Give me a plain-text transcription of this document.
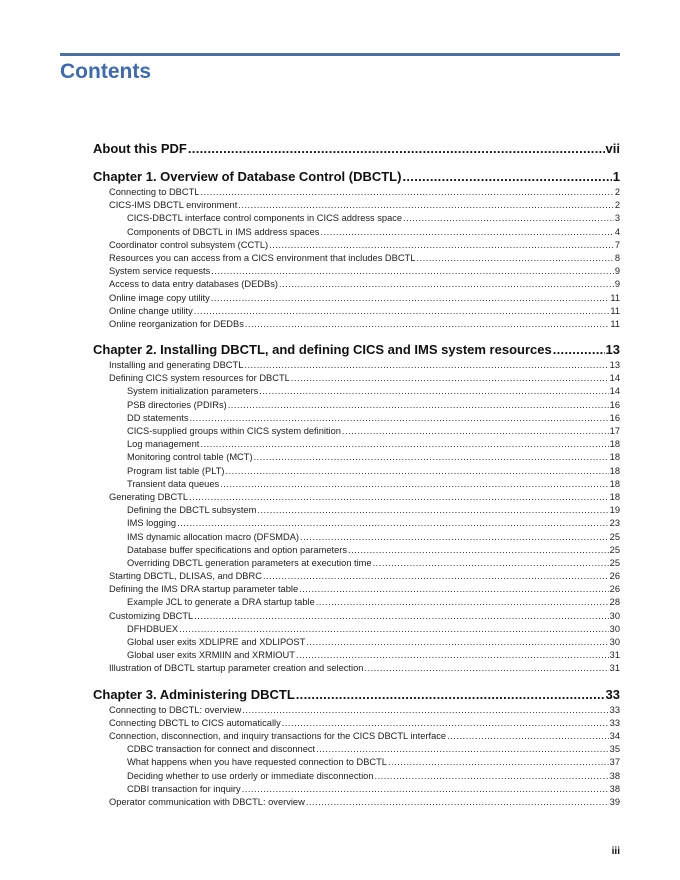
Contents
About this PDF .....	vii
Chapter 1. Overview of Database Control (DBCTL) .....	1
Connecting to DBCTL .....	2
CICS-IMS DBCTL environment .....	2
CICS-DBCTL interface control components in CICS address space .....	3
Components of DBCTL in IMS address spaces .....	4
Coordinator control subsystem (CCTL) .....	7
Resources you can access from a CICS environment that includes DBCTL .....	8
System service requests .....	9
Access to data entry databases (DEDBs) .....	9
Online image copy utility .....	11
Online change utility .....	11
Online reorganization for DEDBs .....	11
Chapter 2. Installing DBCTL, and defining CICS and IMS system resources .....	13
Installing and generating DBCTL .....	13
Defining CICS system resources for DBCTL .....	14
System initialization parameters .....	14
PSB directories (PDIRs) .....	16
DD statements .....	16
CICS-supplied groups within CICS system definition .....	17
Log management .....	18
Monitoring control table (MCT) .....	18
Program list table (PLT) .....	18
Transient data queues .....	18
Generating DBCTL .....	18
Defining the DBCTL subsystem .....	19
IMS logging .....	23
IMS dynamic allocation macro (DFSMDA) .....	25
Database buffer specifications and option parameters .....	25
Overriding DBCTL generation parameters at execution time .....	25
Starting DBCTL, DLISAS, and DBRC .....	26
Defining the IMS DRA startup parameter table .....	26
Example JCL to generate a DRA startup table .....	28
Customizing DBCTL .....	30
DFHDBUEX .....	30
Global user exits XDLIPRE and XDLIPOST .....	30
Global user exits XRMIIN and XRMIOUT .....	31
Illustration of DBCTL startup parameter creation and selection .....	31
Chapter 3. Administering DBCTL .....	33
Connecting to DBCTL: overview .....	33
Connecting DBCTL to CICS automatically .....	33
Connection, disconnection, and inquiry transactions for the CICS DBCTL interface .....	34
CDBC transaction for connect and disconnect .....	35
What happens when you have requested connection to DBCTL .....	37
Deciding whether to use orderly or immediate disconnection .....	38
CDBI transaction for inquiry .....	38
Operator communication with DBCTL: overview .....	39
iii
